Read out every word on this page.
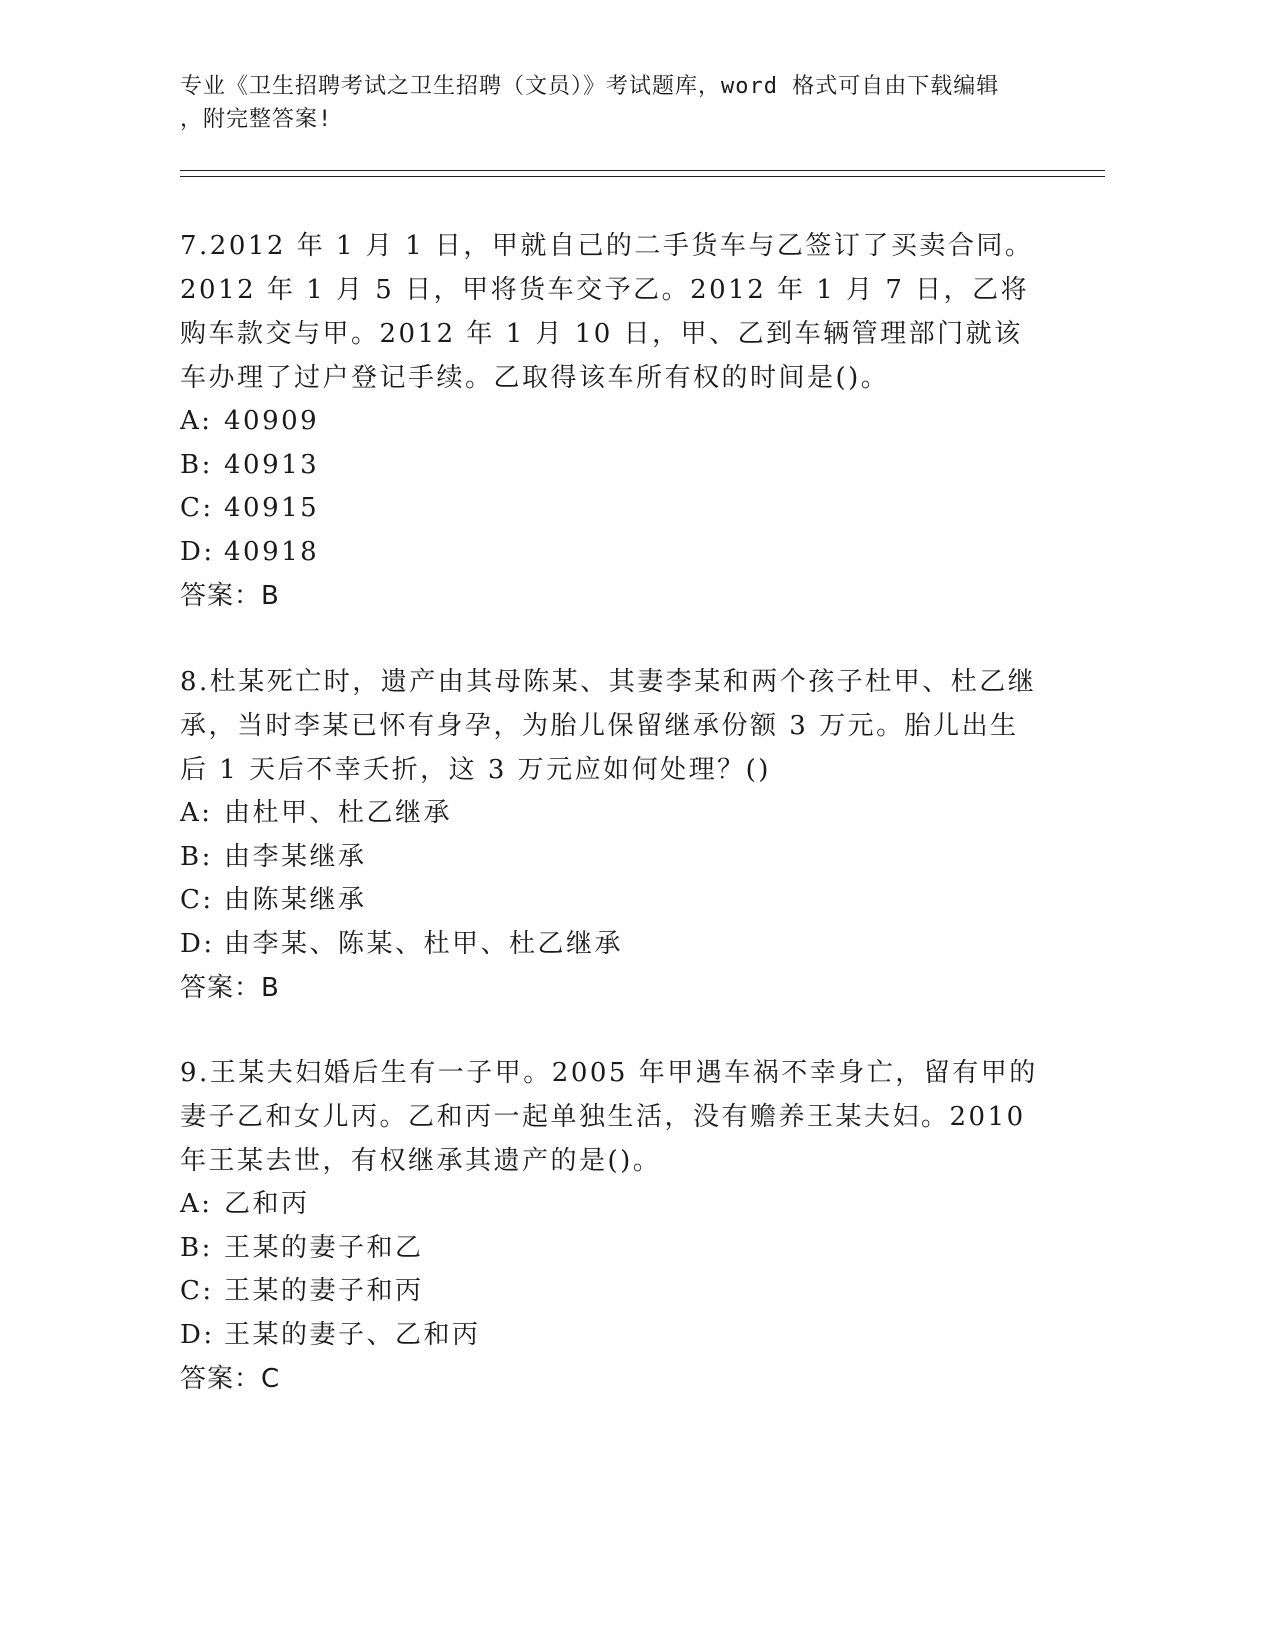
专业《卫生招聘考试之卫生招聘（文员）》考试题库，word 格式可自由下载编辑
，附完整答案!

7.2012 年 1 月 1 日，甲就自己的二手货车与乙签订了买卖合同。2012 年 1 月 5 日，甲将货车交予乙。2012 年 1 月 7 日，乙将购车款交与甲。2012 年 1 月 10 日，甲、乙到车辆管理部门就该车办理了过户登记手续。乙取得该车所有权的时间是()。

A: 40909

B: 40913

C: 40915

D: 40918

答案：B

8.杜某死亡时，遗产由其母陈某、其妻李某和两个孩子杜甲、杜乙继承，当时李某已怀有身孕，为胎儿保留继承份额 3 万元。胎儿出生后 1 天后不幸夭折，这 3 万元应如何处理？()

A: 由杜甲、杜乙继承

B: 由李某继承

C: 由陈某继承

D: 由李某、陈某、杜甲、杜乙继承

答案：B

9.王某夫妇婚后生有一子甲。2005 年甲遇车祸不幸身亡，留有甲的妻子乙和女儿丙。乙和丙一起单独生活，没有赡养王某夫妇。2010 年王某去世，有权继承其遗产的是()。

A: 乙和丙

B: 王某的妻子和乙

C: 王某的妻子和丙

D: 王某的妻子、乙和丙

答案：C
